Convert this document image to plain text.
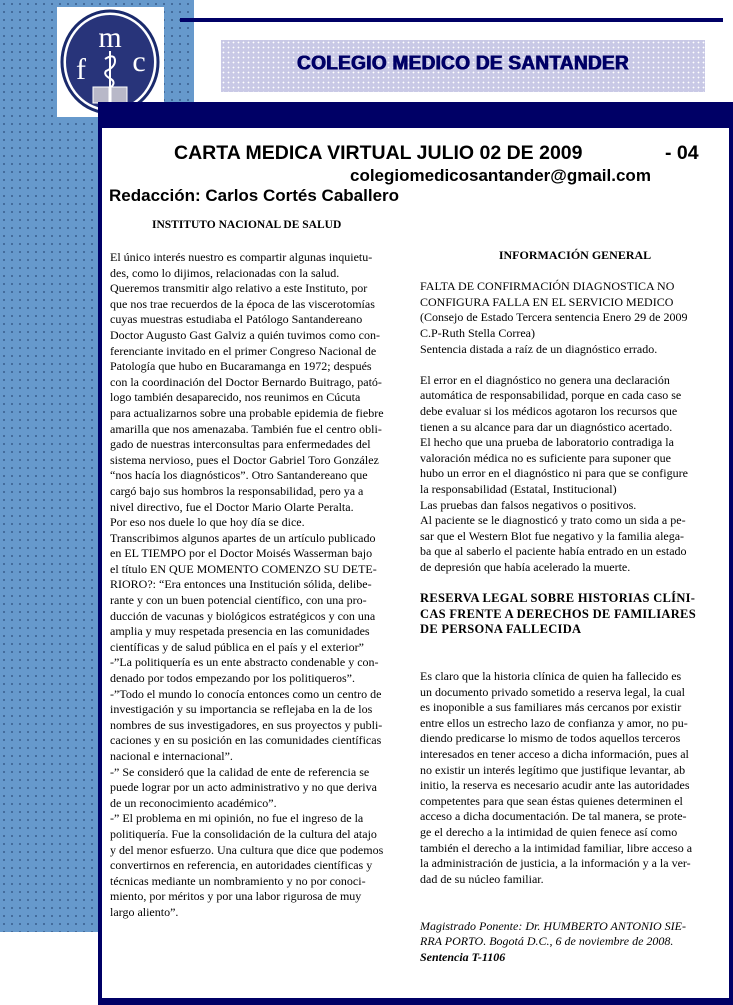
m
f c	COLEGIO MEDICO DE SANTANDER
CARTA MEDICA VIRTUAL JULIO 02 DE 2009	- 04
colegiomedicosantander@gmail.com
Redacción: Carlos Cortés Caballero
INSTITUTO NACIONAL DE SALUD

El único interés nuestro es compartir algunas inquietu-

des, como lo dijimos, relacionadas con la salud.

Queremos transmitir algo relativo a este Instituto, por

que nos trae recuerdos de la época de las viscerotomías

cuyas muestras estudiaba el Patólogo Santandereano

Doctor Augusto Gast Galviz a quién tuvimos como con-

ferenciante invitado en el primer Congreso Nacional de

Patología que hubo en Bucaramanga en 1972; después

con la coordinación del Doctor Bernardo Buitrago, pató-

logo también desaparecido, nos reunimos en Cúcuta

para actualizarnos sobre una probable epidemia de fiebre

amarilla que nos amenazaba. También fue el centro obli-

gado de nuestras interconsultas para enfermedades del

sistema nervioso, pues el Doctor Gabriel Toro González

“nos hacía los diagnósticos”. Otro Santandereano que

cargó bajo sus hombros la responsabilidad, pero ya a

nivel directivo, fue el Doctor Mario Olarte Peralta.

Por eso nos duele lo que hoy día se dice.

Transcribimos algunos apartes de un artículo publicado

en EL TIEMPO por el Doctor Moisés Wasserman bajo

el título EN QUE MOMENTO COMENZO SU DETE-

RIORO?: “Era entonces una Institución sólida, delibe-

rante y con un buen potencial científico, con una pro-

ducción de vacunas y biológicos estratégicos y con una

amplia y muy respetada presencia en las comunidades

científicas y de salud pública en el país y el exterior”

-”La politiquería es un ente abstracto condenable y con-

denado por todos empezando por los politiqueros”.

-”Todo el mundo lo conocía entonces como un centro de

investigación y su importancia se reflejaba en la de los

nombres de sus investigadores, en sus proyectos y publi-

caciones y en su posición en las comunidades científicas

nacional e internacional”.

-” Se consideró que la calidad de ente de referencia se

puede lograr por un acto administrativo y no que deriva

de un reconocimiento académico”.

-” El problema en mi opinión, no fue el ingreso de la

politiquería. Fue la consolidación de la cultura del atajo

y del menor esfuerzo. Una cultura que dice que podemos

convertirnos en referencia, en autoridades científicas y

técnicas mediante un nombramiento y no por conoci-

miento, por méritos y por una labor rigurosa de muy

largo aliento”.

INFORMACIÓN GENERAL

FALTA DE CONFIRMACIÓN DIAGNOSTICA NO

CONFIGURA FALLA EN EL SERVICIO MEDICO

(Consejo de Estado Tercera sentencia Enero 29 de 2009

C.P-Ruth Stella Correa)

Sentencia distada a raíz de un diagnóstico errado.

El error en el diagnóstico no genera una declaración

automática de responsabilidad, porque en cada caso se

debe evaluar si los médicos agotaron los recursos que

tienen a su alcance para dar un diagnóstico acertado.

El hecho que una prueba de laboratorio contradiga la

valoración médica no es suficiente para suponer que

hubo un error en el diagnóstico ni para que se configure

la responsabilidad (Estatal, Institucional)

Las pruebas dan falsos negativos o positivos.

Al paciente se le diagnosticó y trato como un sida a pe-

sar que el Western Blot fue negativo y la familia alega-

ba que al saberlo el paciente había entrado en un estado

de depresión que había acelerado la muerte.

RESERVA LEGAL SOBRE HISTORIAS CLÍNI-

CAS FRENTE A DERECHOS DE FAMILIARES

DE PERSONA FALLECIDA

Es claro que la historia clínica de quien ha fallecido es

un documento privado sometido a reserva legal, la cual

es inoponible a sus familiares más cercanos por existir

entre ellos un estrecho lazo de confianza y amor, no pu-

diendo predicarse lo mismo de todos aquellos terceros

interesados en tener acceso a dicha información, pues al

no existir un interés legítimo que justifique levantar, ab

initio, la reserva es necesario acudir ante las autoridades

competentes para que sean éstas quienes determinen el

acceso a dicha documentación. De tal manera, se prote-

ge el derecho a la intimidad de quien fenece así como

también el derecho a la intimidad familiar, libre acceso a

la administración de justicia, a la información y a la ver-

dad de su núcleo familiar.

Magistrado Ponente: Dr. HUMBERTO ANTONIO SIE-

RRA PORTO. Bogotá D.C., 6 de noviembre de 2008.

Sentencia T-1106
